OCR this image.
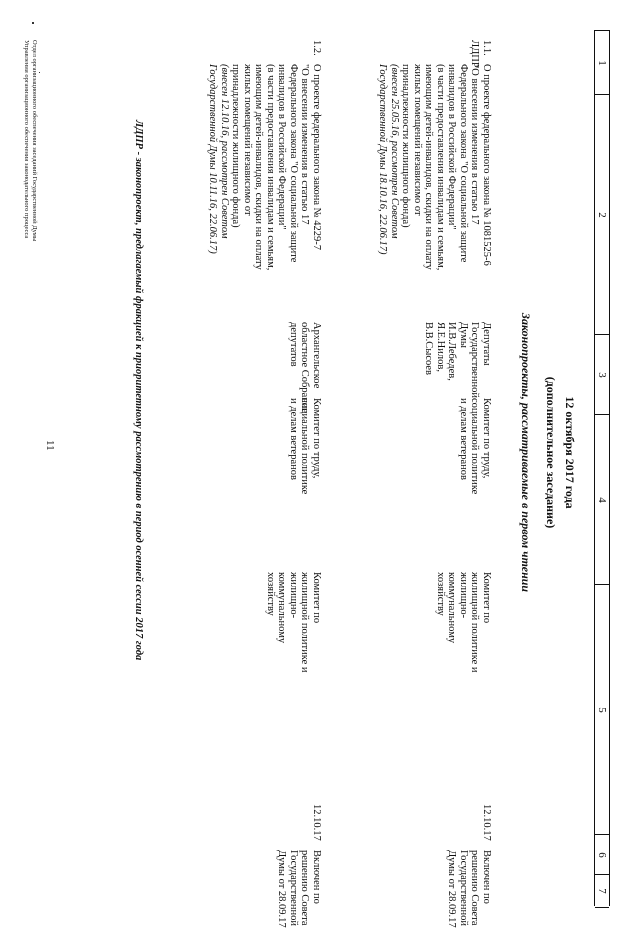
11
1
2
3
4
5
6
7
12 октября 2017 года
(дополнительное заседание)
Законопроекты, рассматриваемые в первом чтении
1.1.
ЛДПР
О проекте федерального закона № 1081525-6
"О внесении изменения в статью 17
Федерального закона "О социальной защите
инвалидов в Российской Федерации"
(в части предоставления инвалидам и семьям,
имеющим детей-инвалидов, скидки на оплату
жилых помещений независимо от
принадлежности жилищного фонда)
(внесен 25.05.16, рассмотрен Советом
Государственной Думы 18.10.16, 22.06.17)
Депутаты
Государственной
Думы
И.В.Лебедев,
Я.Е.Нилов,
В.В.Сысоев
Комитет по труду,
социальной политике
и делам ветеранов
Комитет по
жилищной политике и
жилищно-
коммунальному
хозяйству
12.10.17
Включен по
решению Совета
Государственной
Думы от 28.09.17
1.2.
О проекте федерального закона № 4229-7
"О внесении изменения в статью 17
Федерального закона "О социальной защите
инвалидов в Российской Федерации"
(в части предоставления инвалидам и семьям,
имеющим детей-инвалидов, скидки на оплату
жилых помещений независимо от
принадлежности жилищного фонда)
(внесен 12.10.16, рассмотрен Советом
Государственной Думы 10.11.16, 22.06.17)
Архангельское
областное Собрание
депутатов
Комитет по труду,
социальной политике
и делам ветеранов
Комитет по
жилищной политике и
жилищно-
коммунальному
хозяйству
12.10.17
Включен по
решению Совета
Государственной
Думы от 28.09.17
ЛДПР - законопроект, предлагаемый фракцией к приоритетному рассмотрению в период осенней сессии 2017 года
Отдел организационного обеспечения заседаний Государственной Думы
Управления организационного обеспечения законодательного процесса
